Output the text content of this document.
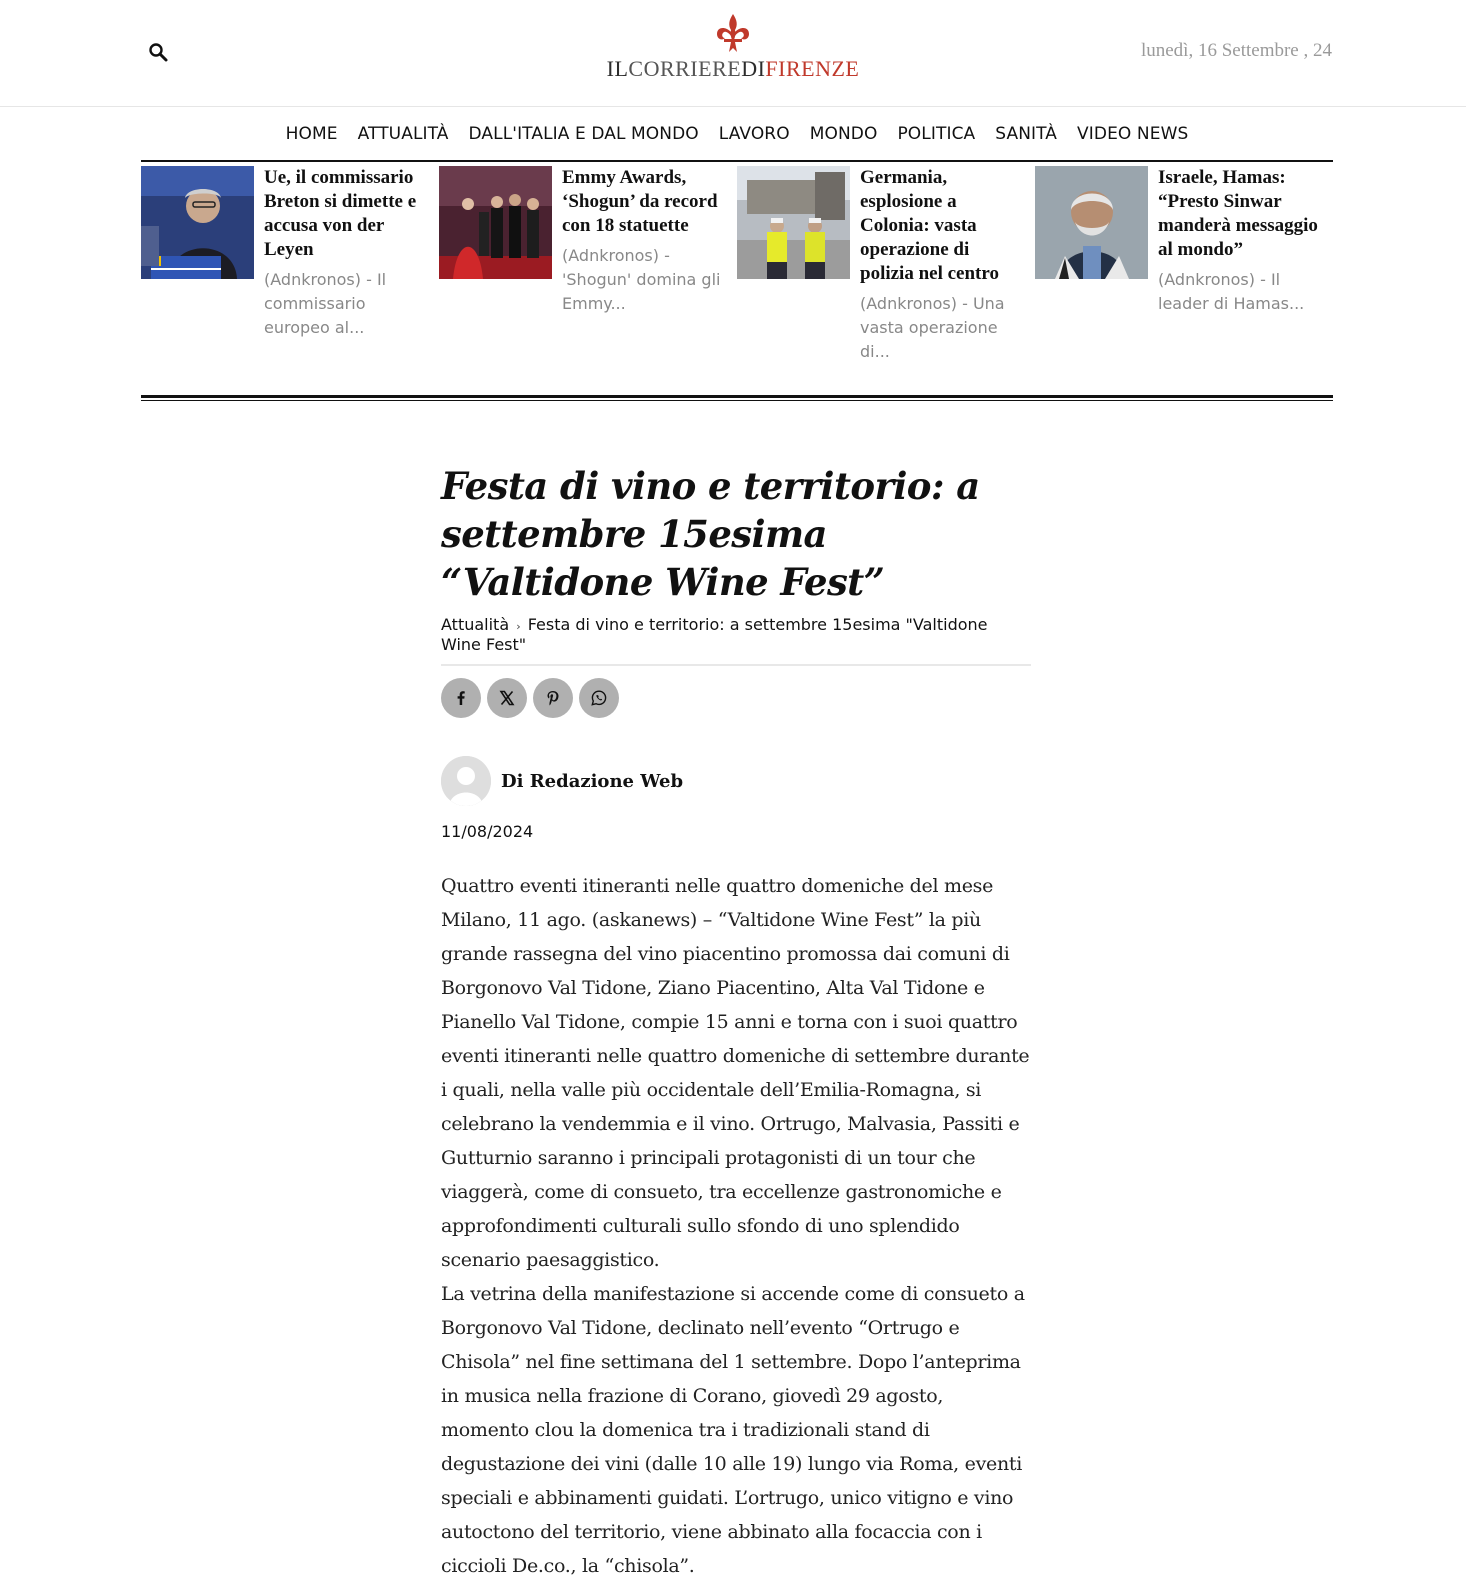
ILCORRIEREDIFIRENZE
lunedì, 16 Settembre , 24
HOME ATTUALITÀ DALL'ITALIA E DAL MONDO LAVORO MONDO POLITICA SANITÀ VIDEO NEWS
Ue, il commissario Breton si dimette e accusa von der Leyen
(Adnkronos) - Il commissario europeo al...
Emmy Awards, ‘Shogun’ da record con 18 statuette
(Adnkronos) - 'Shogun' domina gli Emmy...
Germania, esplosione a Colonia: vasta operazione di polizia nel centro
(Adnkronos) - Una vasta operazione di...
Israele, Hamas: “Presto Sinwar manderà messaggio al mondo”
(Adnkronos) - Il leader di Hamas...
Festa di vino e territorio: a settembre 15esima “Valtidone Wine Fest”
Attualità › Festa di vino e territorio: a settembre 15esima "Valtidone Wine Fest"
Di Redazione Web
11/08/2024

Quattro eventi itineranti nelle quattro domeniche del mese

Milano, 11 ago. (askanews) – “Valtidone Wine Fest” la più grande rassegna del vino piacentino promossa dai comuni di Borgonovo Val Tidone, Ziano Piacentino, Alta Val Tidone e Pianello Val Tidone, compie 15 anni e torna con i suoi quattro eventi itineranti nelle quattro domeniche di settembre durante i quali, nella valle più occidentale dell’Emilia-Romagna, si celebrano la vendemmia e il vino. Ortrugo, Malvasia, Passiti e Gutturnio saranno i principali protagonisti di un tour che viaggerà, come di consueto, tra eccellenze gastronomiche e approfondimenti culturali sullo sfondo di uno splendido scenario paesaggistico.

La vetrina della manifestazione si accende come di consueto a Borgonovo Val Tidone, declinato nell’evento “Ortrugo e Chisola” nel fine settimana del 1 settembre. Dopo l’anteprima in musica nella frazione di Corano, giovedì 29 agosto, momento clou la domenica tra i tradizionali stand di degustazione dei vini (dalle 10 alle 19) lungo via Roma, eventi speciali e abbinamenti guidati. L’ortrugo, unico vitigno e vino autoctono del territorio, viene abbinato alla focaccia con i ciccioli De.co., la “chisola”.
